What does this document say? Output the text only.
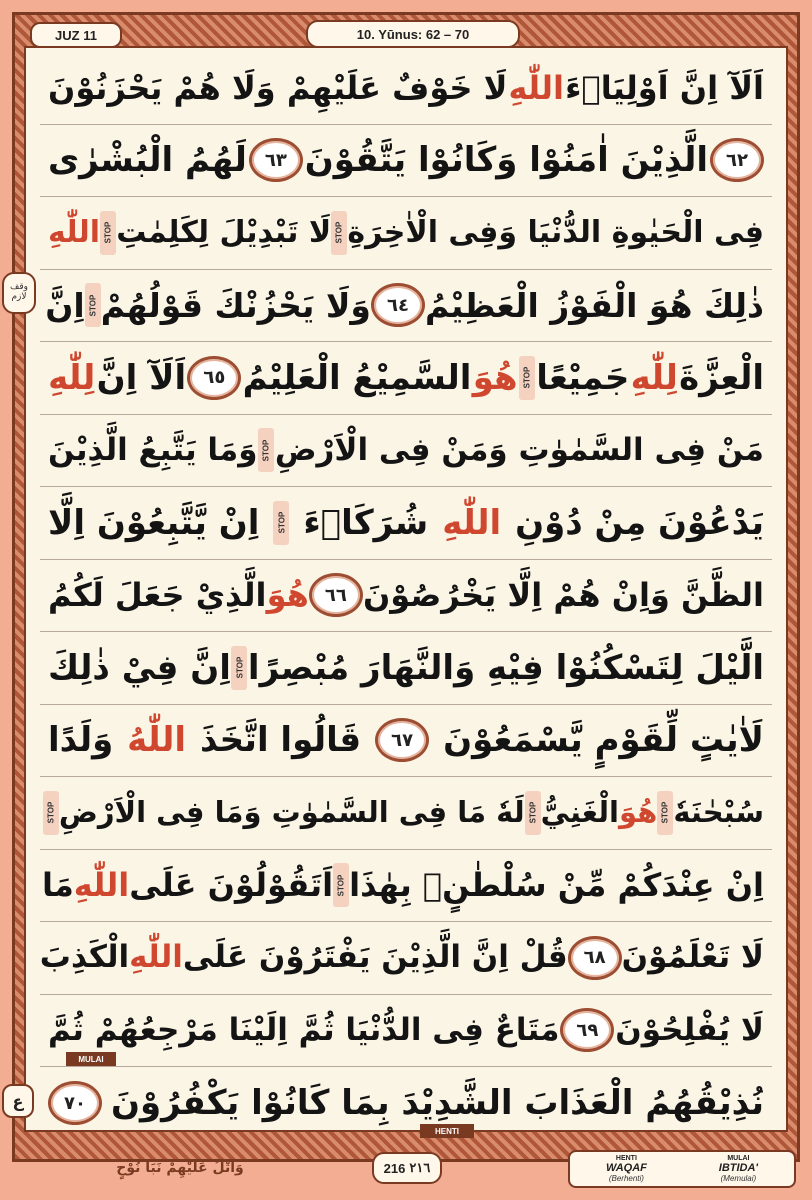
JUZ 11	10. Yūnus: 62 – 70
اَلَآ اِنَّ اَوْلِيَاۤءَ
اللّٰهِ
لَا خَوْفٌ عَلَيْهِمْ وَلَا هُمْ يَحْزَنُوْنَ
٦٢
الَّذِيْنَ اٰمَنُوْا وَكَانُوْا يَتَّقُوْنَ
٦٣
لَهُمُ الْبُشْرٰى
فِى الْحَيٰوةِ الدُّنْيَا وَفِى الْاٰخِرَةِ
STOP
لَا تَبْدِيْلَ لِكَلِمٰتِ
STOP
اللّٰهِ
ذٰلِكَ هُوَ الْفَوْزُ الْعَظِيْمُ
٦٤
وَلَا يَحْزُنْكَ قَوْلُهُمْ
STOP
اِنَّ
الْعِزَّةَ
لِلّٰهِ
جَمِيْعًا
STOP
هُوَ
السَّمِيْعُ الْعَلِيْمُ
٦٥
اَلَآ اِنَّ
لِلّٰهِ
مَنْ فِى السَّمٰوٰتِ وَمَنْ فِى الْاَرْضِ
STOP
وَمَا يَتَّبِعُ الَّذِيْنَ
يَدْعُوْنَ مِنْ دُوْنِ
اللّٰهِ
شُرَكَاۤءَ
STOP
اِنْ يَّتَّبِعُوْنَ اِلَّا
الظَّنَّ وَاِنْ هُمْ اِلَّا يَخْرُصُوْنَ
٦٦
هُوَ
الَّذِيْ جَعَلَ لَكُمُ
الَّيْلَ لِتَسْكُنُوْا فِيْهِ وَالنَّهَارَ مُبْصِرًا
STOP
اِنَّ فِيْ ذٰلِكَ
لَاٰيٰتٍ لِّقَوْمٍ يَّسْمَعُوْنَ
٦٧
قَالُوا اتَّخَذَ
اللّٰهُ
وَلَدًا
سُبْحٰنَهٗ
STOP
هُوَ
الْغَنِيُّ
STOP
لَهٗ مَا فِى السَّمٰوٰتِ وَمَا فِى الْاَرْضِ
STOP
اِنْ عِنْدَكُمْ مِّنْ سُلْطٰنٍۢ بِهٰذَا
STOP
اَتَقُوْلُوْنَ عَلَى
اللّٰهِ
مَا
لَا تَعْلَمُوْنَ
٦٨
قُلْ اِنَّ الَّذِيْنَ يَفْتَرُوْنَ عَلَى
اللّٰهِ
الْكَذِبَ
لَا يُفْلِحُوْنَ
٦٩
مَتَاعٌ فِى الدُّنْيَا ثُمَّ اِلَيْنَا مَرْجِعُهُمْ ثُمَّ
نُذِيْقُهُمُ الْعَذَابَ الشَّدِيْدَ بِمَا كَانُوْا يَكْفُرُوْنَ
٧٠
وقف
لازم
ع
MULAI
HENTI
وَاتْلُ عَلَيْهِمْ نَبَاَ نُوْحٍ	216 ٢١٦
HENTI
WAQAF
(Berhenti)
MULAI
IBTIDA'
(Memulai)
